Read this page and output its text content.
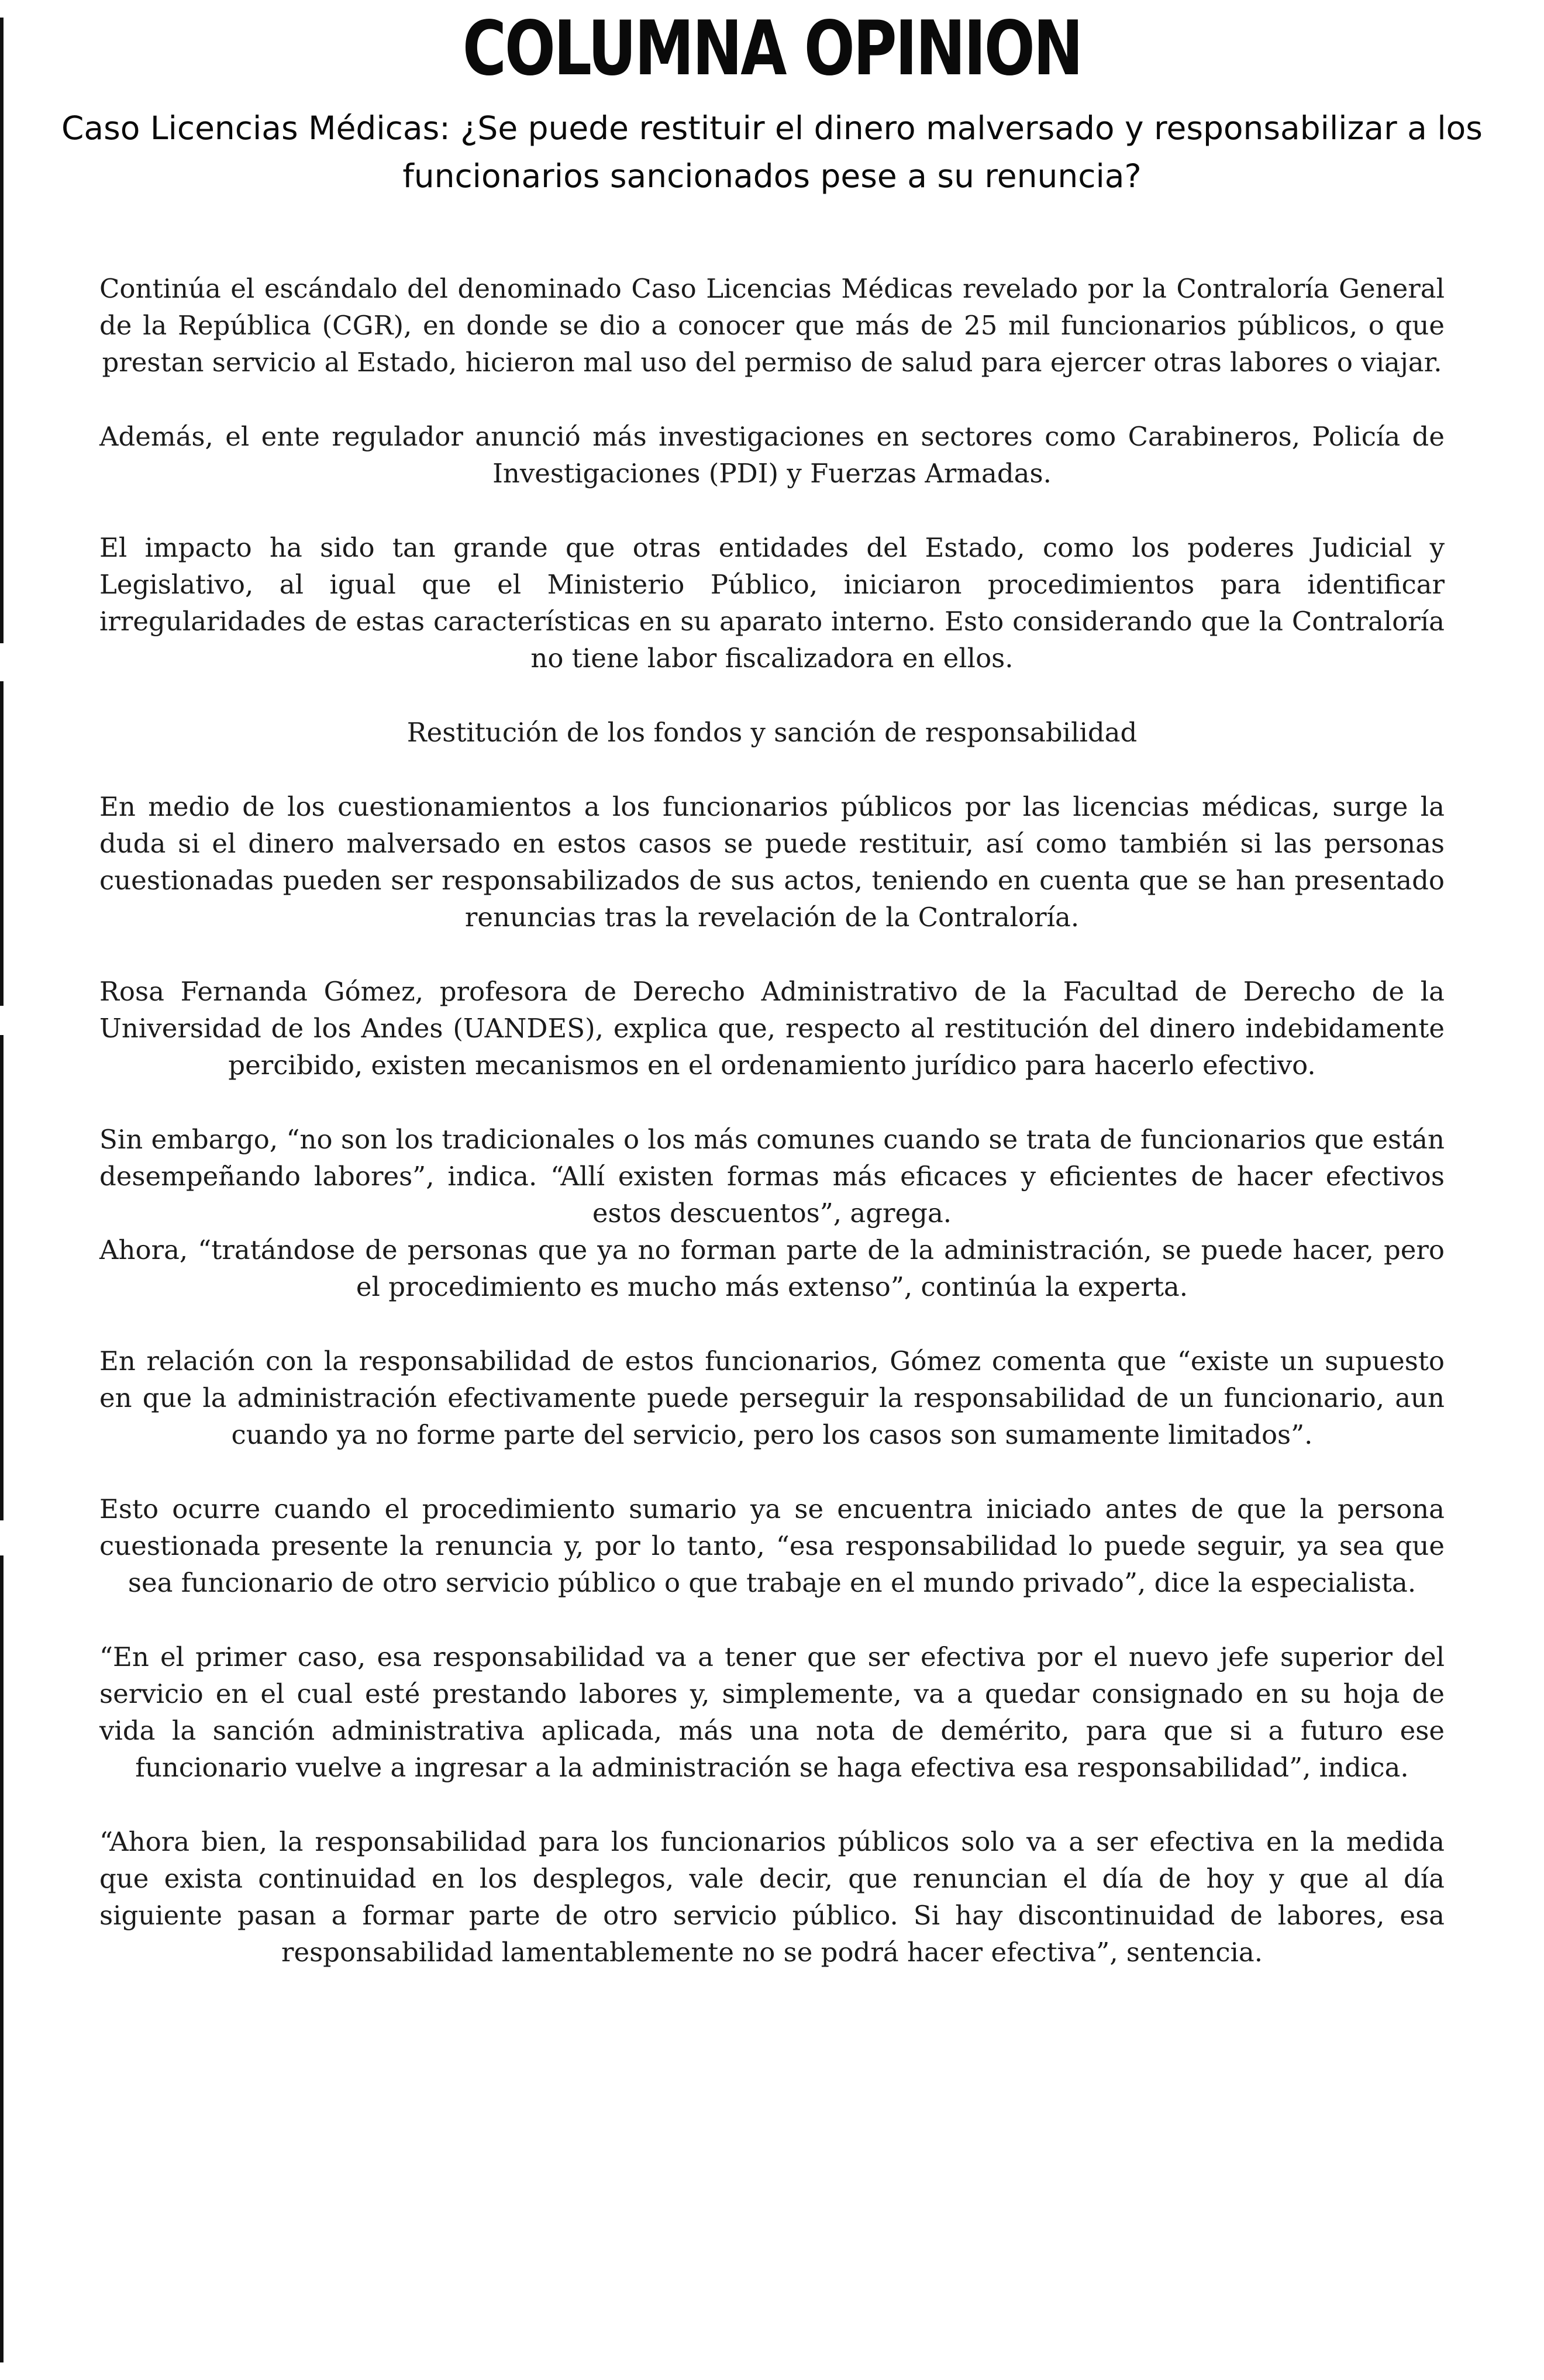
COLUMNA OPINION
Caso Licencias Médicas: ¿Se puede restituir el dinero malversado y responsabilizar a los funcionarios sancionados pese a su renuncia?

Continúa el escándalo del denominado Caso Licencias Médicas revelado por la Contraloría General de la República (CGR), en donde se dio a conocer que más de 25 mil funcionarios públicos, o que prestan servicio al Estado, hicieron mal uso del permiso de salud para ejercer otras labores o viajar.

Además, el ente regulador anunció más investigaciones en sectores como Carabineros, Policía de Investigaciones (PDI) y Fuerzas Armadas.

El impacto ha sido tan grande que otras entidades del Estado, como los poderes Judicial y Legislativo, al igual que el Ministerio Público, iniciaron procedimientos para identificar irregularidades de estas características en su aparato interno. Esto considerando que la Contraloría no tiene labor fiscalizadora en ellos.

Restitución de los fondos y sanción de responsabilidad

En medio de los cuestionamientos a los funcionarios públicos por las licencias médicas, surge la duda si el dinero malversado en estos casos se puede restituir, así como también si las personas cuestionadas pueden ser responsabilizados de sus actos, teniendo en cuenta que se han presentado renuncias tras la revelación de la Contraloría.

Rosa Fernanda Gómez, profesora de Derecho Administrativo de la Facultad de Derecho de la Universidad de los Andes (UANDES), explica que, respecto al restitución del dinero indebidamente percibido, existen mecanismos en el ordenamiento jurídico para hacerlo efectivo.

Sin embargo, “no son los tradicionales o los más comunes cuando se trata de funcionarios que están desempeñando labores”, indica. “Allí existen formas más eficaces y eficientes de hacer efectivos estos descuentos”, agrega.

Ahora, “tratándose de personas que ya no forman parte de la administración, se puede hacer, pero el procedimiento es mucho más extenso”, continúa la experta.

En relación con la responsabilidad de estos funcionarios, Gómez comenta que “existe un supuesto en que la administración efectivamente puede perseguir la responsabilidad de un funcionario, aun cuando ya no forme parte del servicio, pero los casos son sumamente limitados”.

Esto ocurre cuando el procedimiento sumario ya se encuentra iniciado antes de que la persona cuestionada presente la renuncia y, por lo tanto, “esa responsabilidad lo puede seguir, ya sea que sea funcionario de otro servicio público o que trabaje en el mundo privado”, dice la especialista.

“En el primer caso, esa responsabilidad va a tener que ser efectiva por el nuevo jefe superior del servicio en el cual esté prestando labores y, simplemente, va a quedar consignado en su hoja de vida la sanción administrativa aplicada, más una nota de demérito, para que si a futuro ese funcionario vuelve a ingresar a la administración se haga efectiva esa responsabilidad”, indica.

“Ahora bien, la responsabilidad para los funcionarios públicos solo va a ser efectiva en la medida que exista continuidad en los desplegos, vale decir, que renuncian el día de hoy y que al día siguiente pasan a formar parte de otro servicio público. Si hay discontinuidad de labores, esa responsabilidad lamentablemente no se podrá hacer efectiva”, sentencia.
